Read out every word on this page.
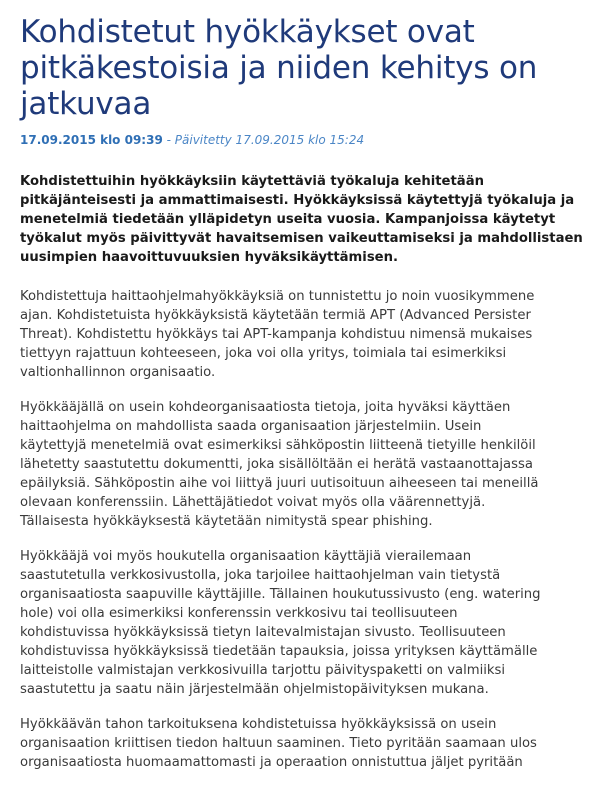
Kohdistetut hyökkäykset ovat pitkäkestoisia ja niiden kehitys on jatkuvaa
17.09.2015 klo 09:39 - Päivitetty 17.09.2015 klo 15:24

Kohdistettuihin hyökkäyksiin käytettäviä työkaluja kehitetään pitkäjänteisesti ja ammattimaisesti. Hyökkäyksissä käytettyjä työkaluja ja menetelmiä tiedetään ylläpidetyn useita vuosia. Kampanjoissa käytetyt työkalut myös päivittyvät havaitsemisen vaikeuttamiseksi ja mahdollistaen uusimpien haavoittuvuuksien hyväksikäyttämisen.

Kohdistettuja haittaohjelmahyökkäyksiä on tunnistettu jo noin vuosikymmene
ajan. Kohdistetuista hyökkäyksistä käytetään termiä APT (Advanced Persister
Threat). Kohdistettu hyökkäys tai APT-kampanja kohdistuu nimensä mukaises
tiettyyn rajattuun kohteeseen, joka voi olla yritys, toimiala tai esimerkiksi
valtionhallinnon organisaatio.

Hyökkääjällä on usein kohdeorganisaatiosta tietoja, joita hyväksi käyttäen
haittaohjelma on mahdollista saada organisaation järjestelmiin. Usein
käytettyjä menetelmiä ovat esimerkiksi sähköpostin liitteenä tietyille henkilöil
lähetetty saastutettu dokumentti, joka sisällöltään ei herätä vastaanottajassa
epäilyksiä. Sähköpostin aihe voi liittyä juuri uutisoituun aiheeseen tai meneillä
olevaan konferenssiin. Lähettäjätiedot voivat myös olla väärennettyjä.
Tällaisesta hyökkäyksestä käytetään nimitystä spear phishing.

Hyökkääjä voi myös houkutella organisaation käyttäjiä vierailemaan
saastutetulla verkkosivustolla, joka tarjoilee haittaohjelman vain tietystä
organisaatiosta saapuville käyttäjille. Tällainen houkutussivusto (eng. watering
hole) voi olla esimerkiksi konferenssin verkkosivu tai teollisuuteen
kohdistuvissa hyökkäyksissä tietyn laitevalmistajan sivusto. Teollisuuteen
kohdistuvissa hyökkäyksissä tiedetään tapauksia, joissa yrityksen käyttämälle
laitteistolle valmistajan verkkosivuilla tarjottu päivityspaketti on valmiiksi
saastutettu ja saatu näin järjestelmään ohjelmistopäivityksen mukana.

Hyökkäävän tahon tarkoituksena kohdistetuissa hyökkäyksissä on usein
organisaation kriittisen tiedon haltuun saaminen. Tieto pyritään saamaan ulos
organisaatiosta huomaamattomasti ja operaation onnistuttua jäljet pyritään
